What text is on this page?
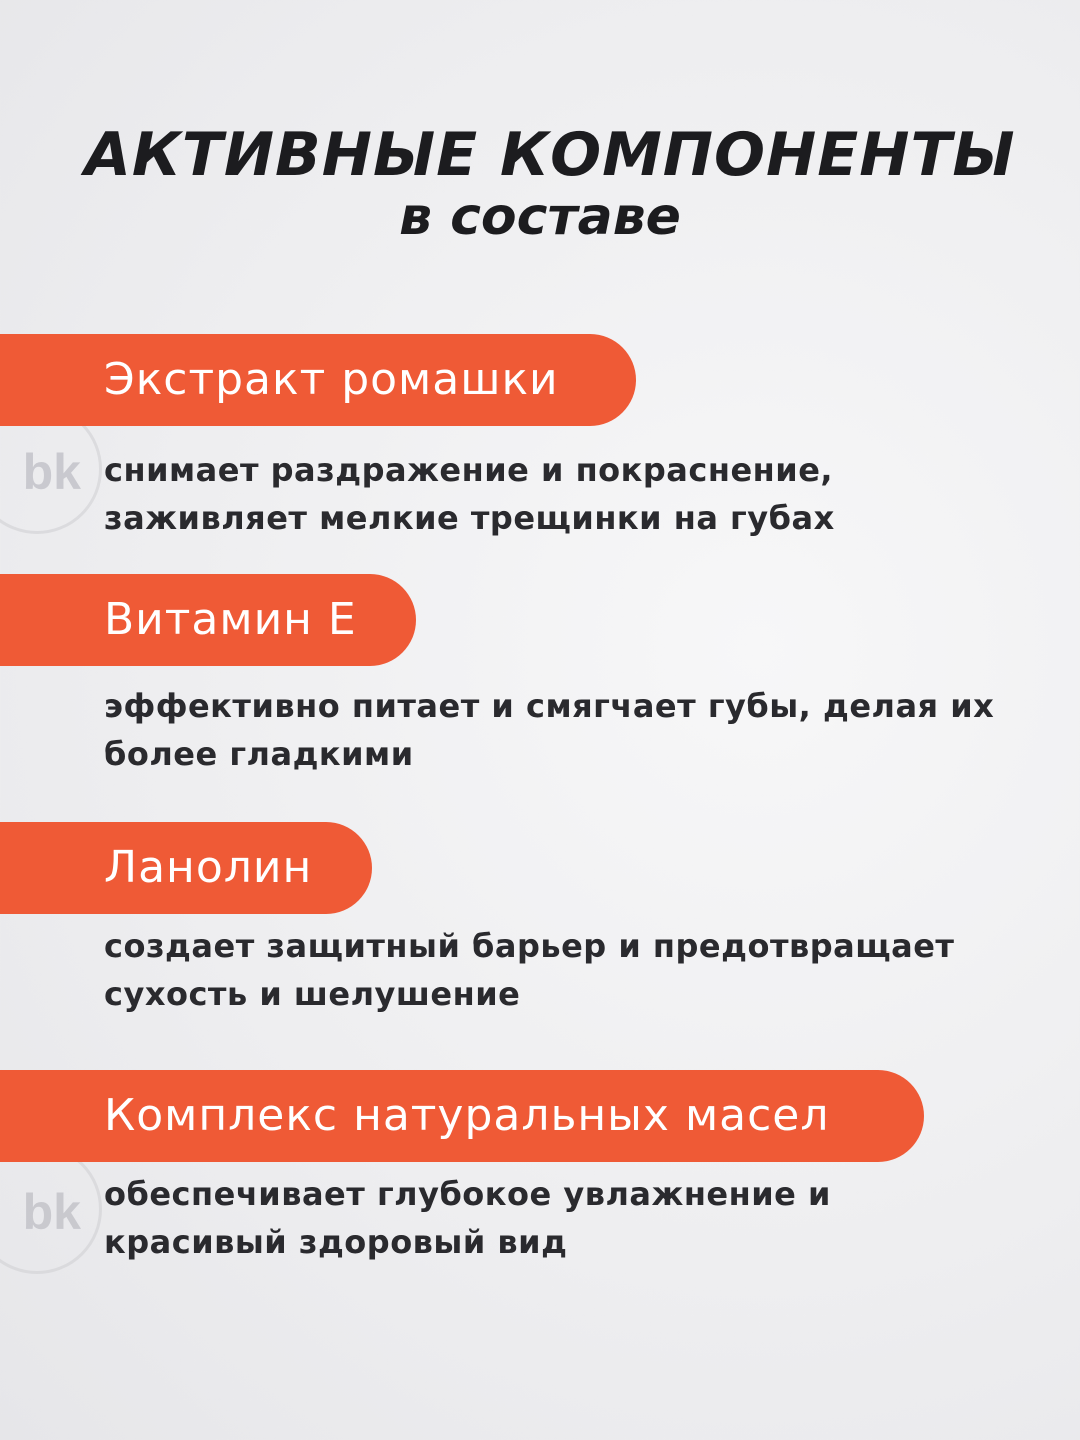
bk
bk
АКТИВНЫЕ КОМПОНЕНТЫ
в составе
Экстракт ромашки
снимает раздражение и покраснение,
заживляет мелкие трещинки на губах
Витамин Е
эффективно питает и смягчает губы, делая их
более гладкими
Ланолин
создает защитный барьер и предотвращает
сухость и шелушение
Комплекс натуральных масел
обеспечивает глубокое увлажнение и
красивый здоровый вид
